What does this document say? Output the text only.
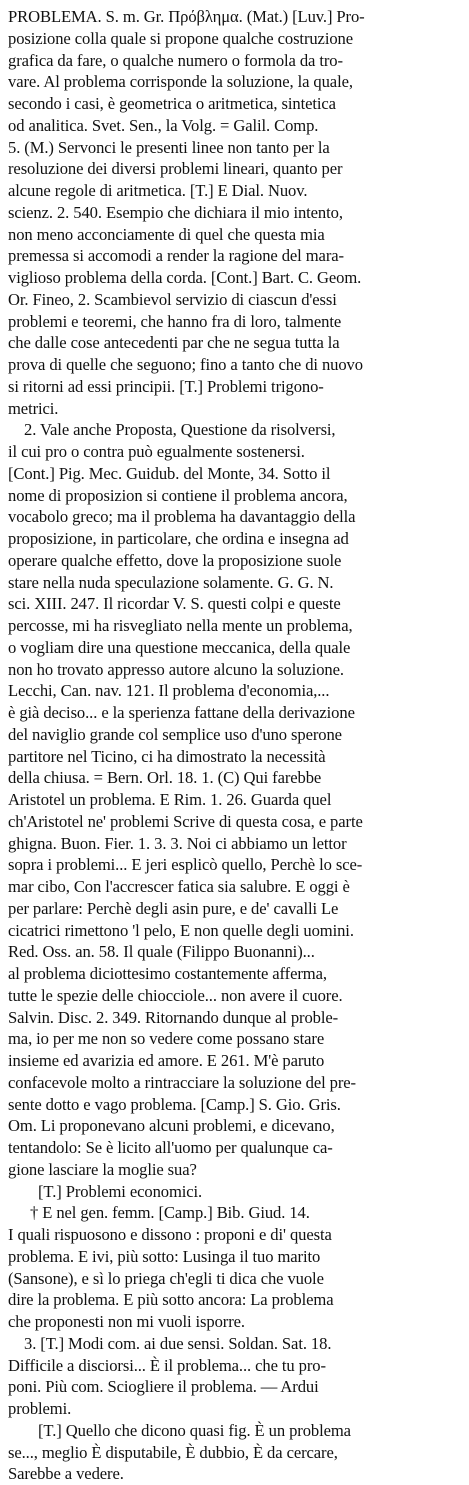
PROBLEMA. S. m. Gr. Πρόβλημα. (Mat.) [Luv.] Pro-
posizione colla quale si propone qualche costruzione
grafica da fare, o qualche numero o formola da tro-
vare. Al problema corrisponde la soluzione, la quale,
secondo i casi, è geometrica o aritmetica, sintetica
od analitica. Svet. Sen., la Volg. = Galil. Comp.
5. (M.) Servonci le presenti linee non tanto per la
resoluzione dei diversi problemi lineari, quanto per
alcune regole di aritmetica. [T.] E Dial. Nuov.
scienz. 2. 540. Esempio che dichiara il mio intento,
non meno acconciamente di quel che questa mia
premessa si accomodi a render la ragione del mara-
viglioso problema della corda. [Cont.] Bart. C. Geom.
Or. Fineo, 2. Scambievol servizio di ciascun d'essi
problemi e teoremi, che hanno fra di loro, talmente
che dalle cose antecedenti par che ne segua tutta la
prova di quelle che seguono; fino a tanto che di nuovo
si ritorni ad essi principii. [T.] Problemi trigono-
metrici.
2. Vale anche Proposta, Questione da risolversi,
il cui pro o contra può egualmente sostenersi.
[Cont.] Pig. Mec. Guidub. del Monte, 34. Sotto il
nome di proposizion si contiene il problema ancora,
vocabolo greco; ma il problema ha davantaggio della
proposizione, in particolare, che ordina e insegna ad
operare qualche effetto, dove la proposizione suole
stare nella nuda speculazione solamente. G. G. N.
sci. XIII. 247. Il ricordar V. S. questi colpi e queste
percosse, mi ha risvegliato nella mente un problema,
o vogliam dire una questione meccanica, della quale
non ho trovato appresso autore alcuno la soluzione.
Lecchi, Can. nav. 121. Il problema d'economia,...
è già deciso... e la sperienza fattane della derivazione
del naviglio grande col semplice uso d'uno sperone
partitore nel Ticino, ci ha dimostrato la necessità
della chiusa. = Bern. Orl. 18. 1. (C) Qui farebbe
Aristotel un problema. E Rim. 1. 26. Guarda quel
ch'Aristotel ne' problemi Scrive di questa cosa, e parte
ghigna. Buon. Fier. 1. 3. 3. Noi ci abbiamo un lettor
sopra i problemi... E jeri esplicò quello, Perchè lo sce-
mar cibo, Con l'accrescer fatica sia salubre. E oggi è
per parlare: Perchè degli asin pure, e de' cavalli Le
cicatrici rimettono 'l pelo, E non quelle degli uomini.
Red. Oss. an. 58. Il quale (Filippo Buonanni)...
al problema diciottesimo costantemente afferma,
tutte le spezie delle chiocciole... non avere il cuore.
Salvin. Disc. 2. 349. Ritornando dunque al proble-
ma, io per me non so vedere come possano stare
insieme ed avarizia ed amore. E 261. M'è paruto
confacevole molto a rintracciare la soluzione del pre-
sente dotto e vago problema. [Camp.] S. Gio. Gris.
Om. Li proponevano alcuni problemi, e dicevano,
tentandolo: Se è licito all'uomo per qualunque ca-
gione lasciare la moglie sua?
[T.] Problemi economici.
† E nel gen. femm. [Camp.] Bib. Giud. 14.
I quali rispuosono e dissono : proponi e di' questa
problema. E ivi, più sotto: Lusinga il tuo marito
(Sansone), e sì lo priega ch'egli ti dica che vuole
dire la problema. E più sotto ancora: La problema
che proponesti non mi vuoli isporre.
3. [T.] Modi com. ai due sensi. Soldan. Sat. 18.
Difficile a disciorsi... È il problema... che tu pro-
poni. Più com. Sciogliere il problema. — Ardui
problemi.
[T.] Quello che dicono quasi fig. È un problema
se..., meglio È disputabile, È dubbio, È da cercare,
Sarebbe a vedere.
